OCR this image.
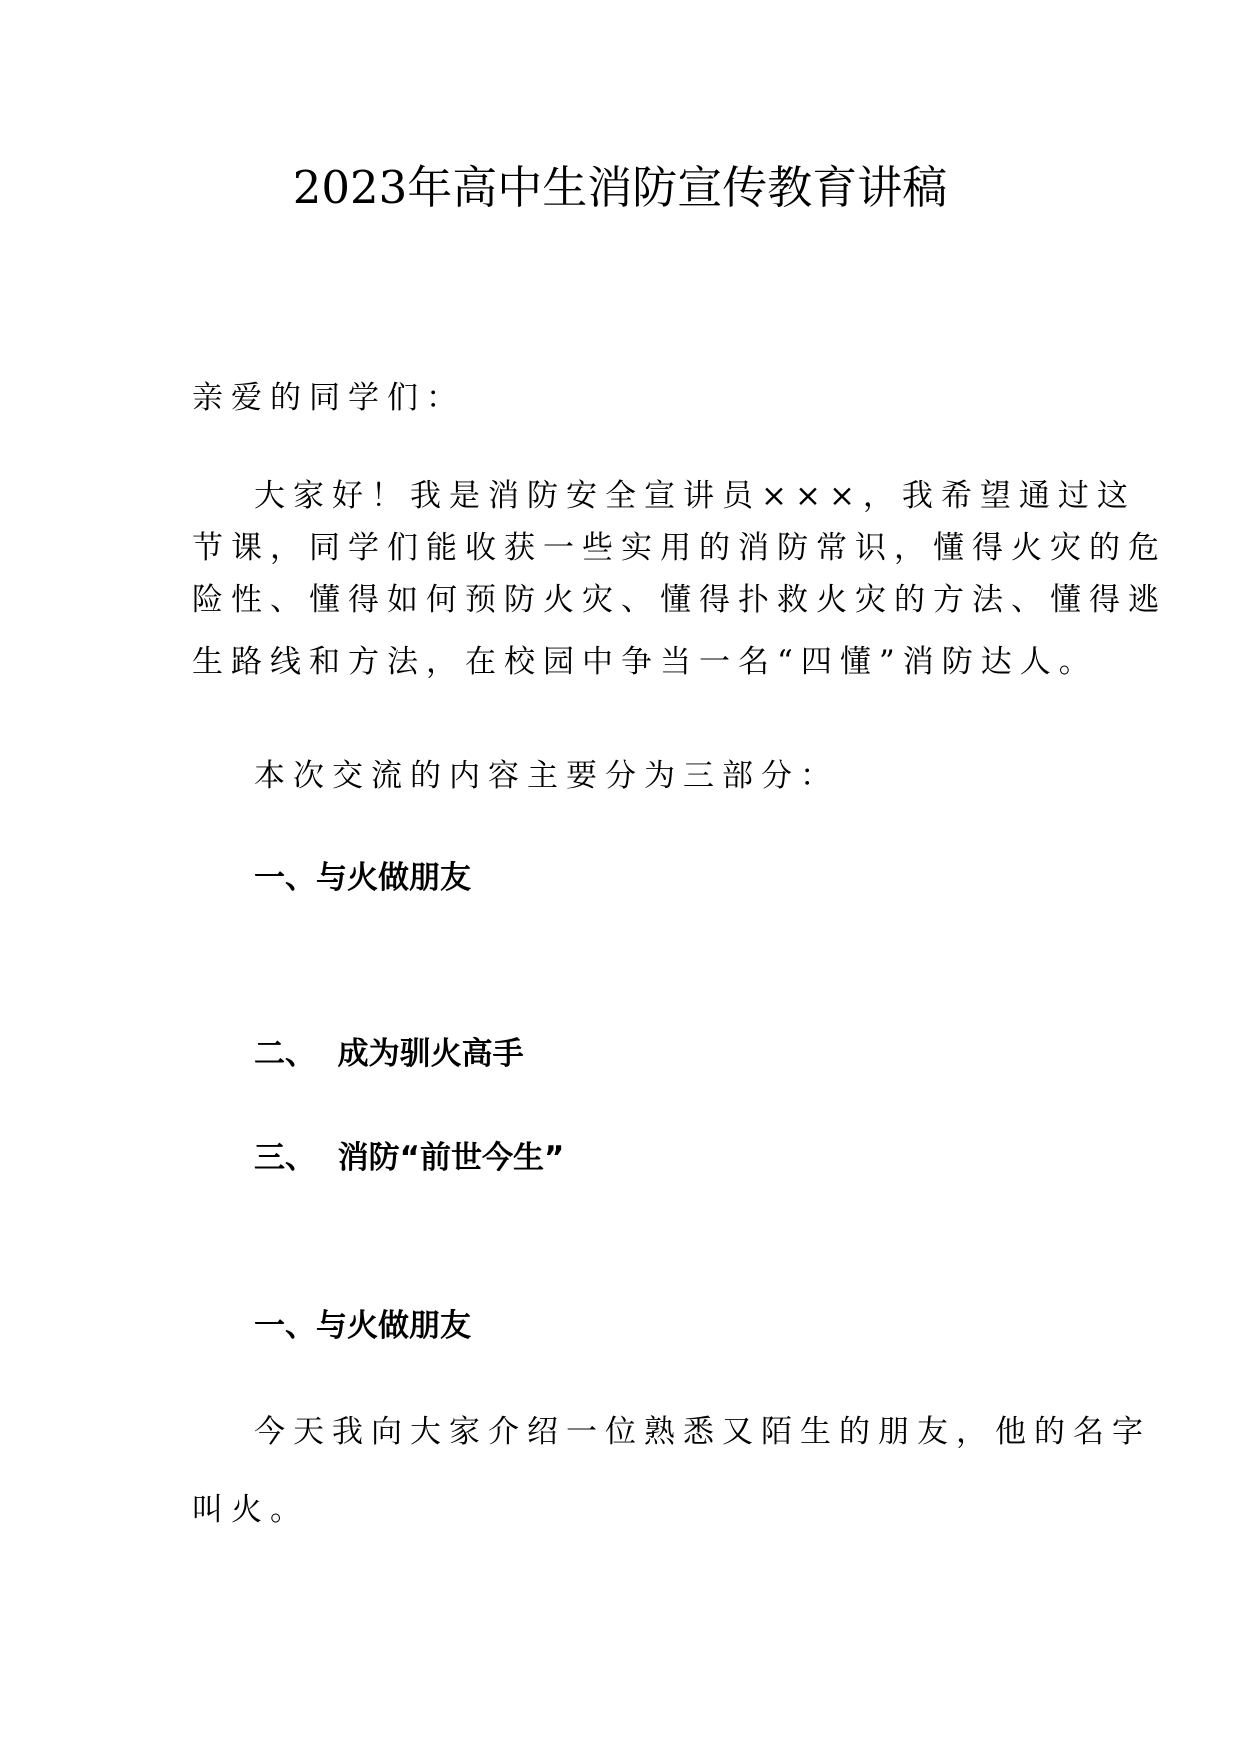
2023年高中生消防宣传教育讲稿

亲爱的同学们：

大家好！我是消防安全宣讲员×××，我希望通过这
节课，同学们能收获一些实用的消防常识，懂得火灾的危
险性、懂得如何预防火灾、懂得扑救火灾的方法、懂得逃
生路线和方法，在校园中争当一名“四懂”消防达人。

本次交流的内容主要分为三部分：

一、与火做朋友

二、  成为驯火高手

三、  消防“前世今生”

一、与火做朋友

今天我向大家介绍一位熟悉又陌生的朋友，他的名字
叫火。
